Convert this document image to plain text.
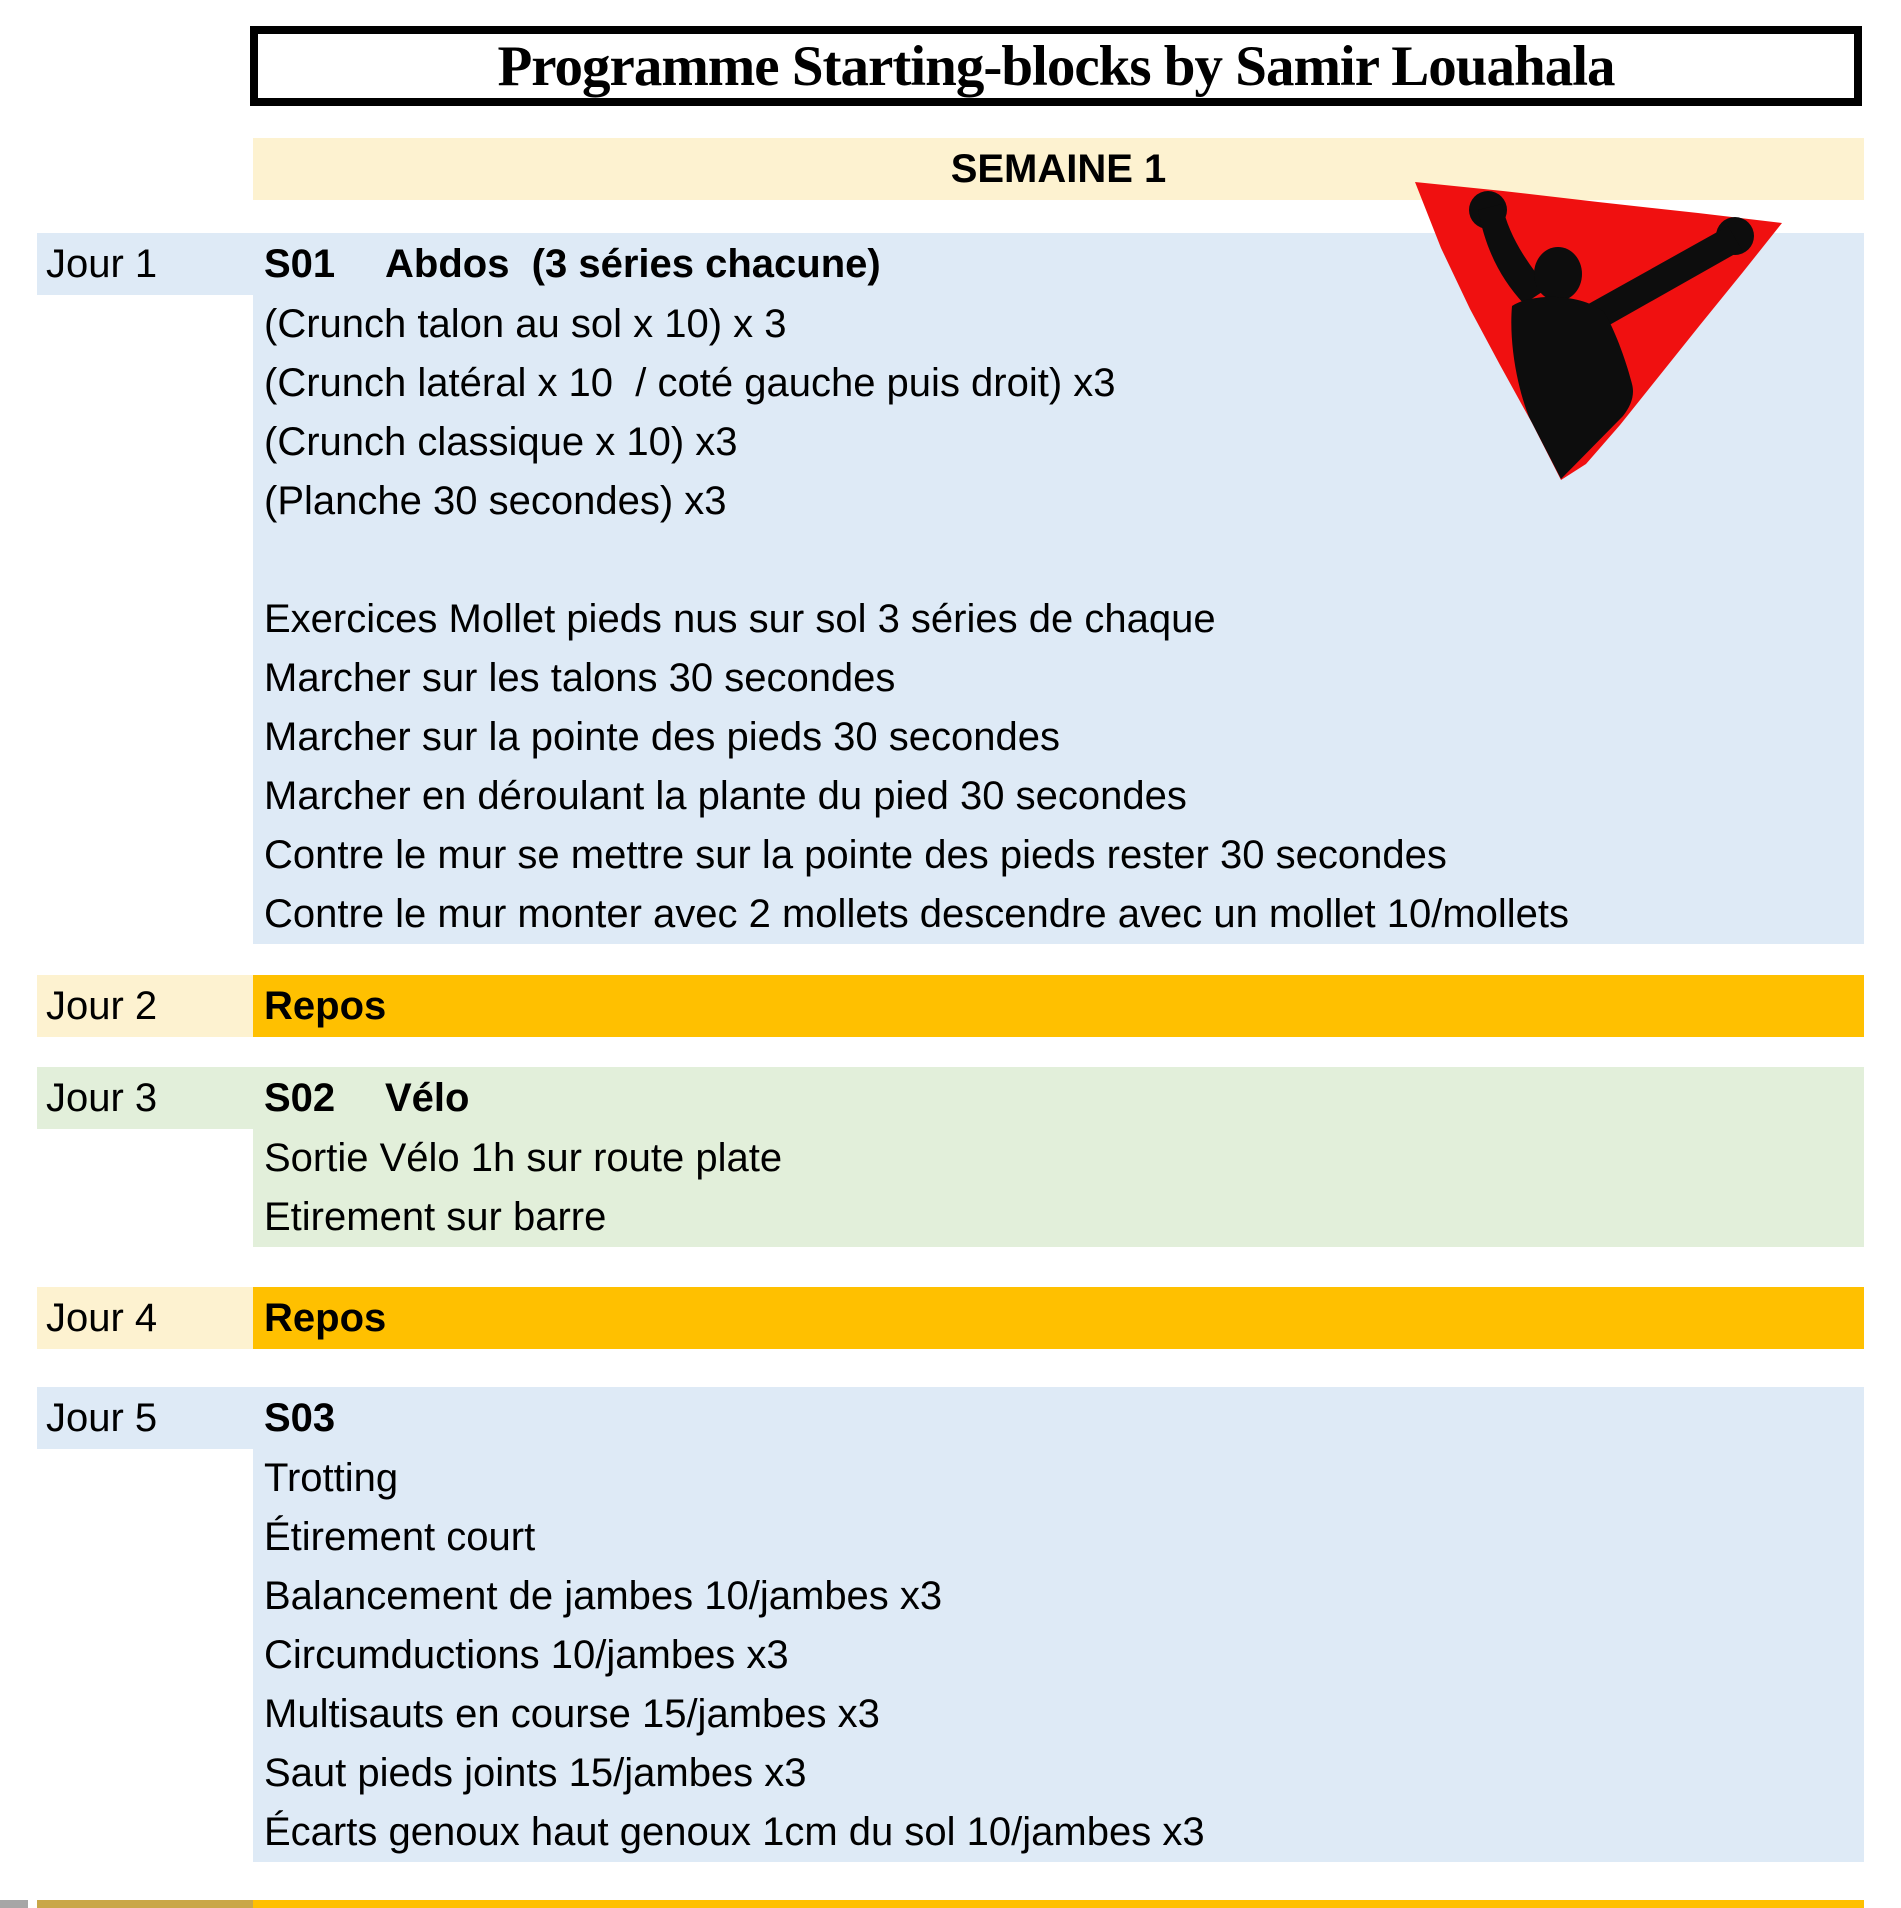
Programme Starting-blocks by Samir Louahala
SEMAINE 1
Jour 1	S01	Abdos  (3 séries chacune)
(Crunch talon au sol x 10) x 3
(Crunch latéral x 10  / coté gauche puis droit) x3
(Crunch classique x 10) x3
(Planche 30 secondes) x3
Exercices Mollet pieds nus sur sol 3 séries de chaque
Marcher sur les talons 30 secondes
Marcher sur la pointe des pieds 30 secondes
Marcher en déroulant la plante du pied 30 secondes
Contre le mur se mettre sur la pointe des pieds rester 30 secondes
Contre le mur monter avec 2 mollets descendre avec un mollet 10/mollets
Jour 2	Repos
Jour 3	S02	Vélo
Sortie Vélo 1h sur route plate
Etirement sur barre
Jour 4	Repos
Jour 5	S03
Trotting
Étirement court
Balancement de jambes 10/jambes x3
Circumductions 10/jambes x3
Multisauts en course 15/jambes x3
Saut pieds joints 15/jambes x3
Écarts genoux haut genoux 1cm du sol 10/jambes x3
